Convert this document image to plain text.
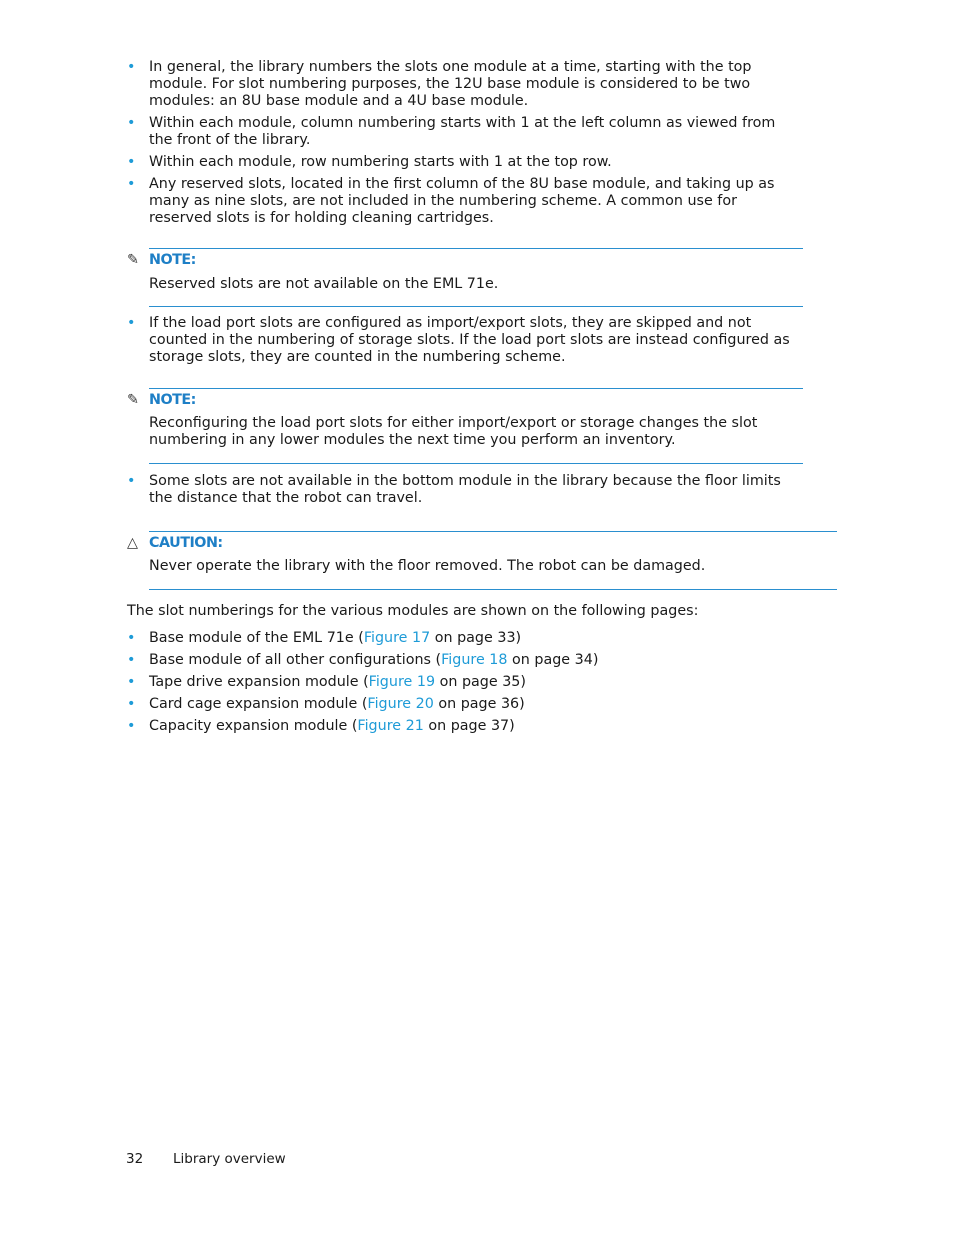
• In general, the library numbers the slots one module at a time, starting with the top module. For slot numbering purposes, the 12U base module is considered to be two modules: an 8U base module and a 4U base module.
• Within each module, column numbering starts with 1 at the left column as viewed from the front of the library.
• Within each module, row numbering starts with 1 at the top row.
• Any reserved slots, located in the first column of the 8U base module, and taking up as many as nine slots, are not included in the numbering scheme. A common use for reserved slots is for holding cleaning cartridges.
✎ NOTE:
Reserved slots are not available on the EML 71e.
• If the load port slots are configured as import/export slots, they are skipped and not counted in the numbering of storage slots. If the load port slots are instead configured as storage slots, they are counted in the numbering scheme.
✎ NOTE:
Reconfiguring the load port slots for either import/export or storage changes the slot numbering in any lower modules the next time you perform an inventory.
• Some slots are not available in the bottom module in the library because the floor limits the distance that the robot can travel.
△ CAUTION:
Never operate the library with the floor removed. The robot can be damaged.
The slot numberings for the various modules are shown on the following pages:
• Base module of the EML 71e (Figure 17 on page 33)
• Base module of all other configurations (Figure 18 on page 34)
• Tape drive expansion module (Figure 19 on page 35)
• Card cage expansion module (Figure 20 on page 36)
• Capacity expansion module (Figure 21 on page 37)
32 Library overview
